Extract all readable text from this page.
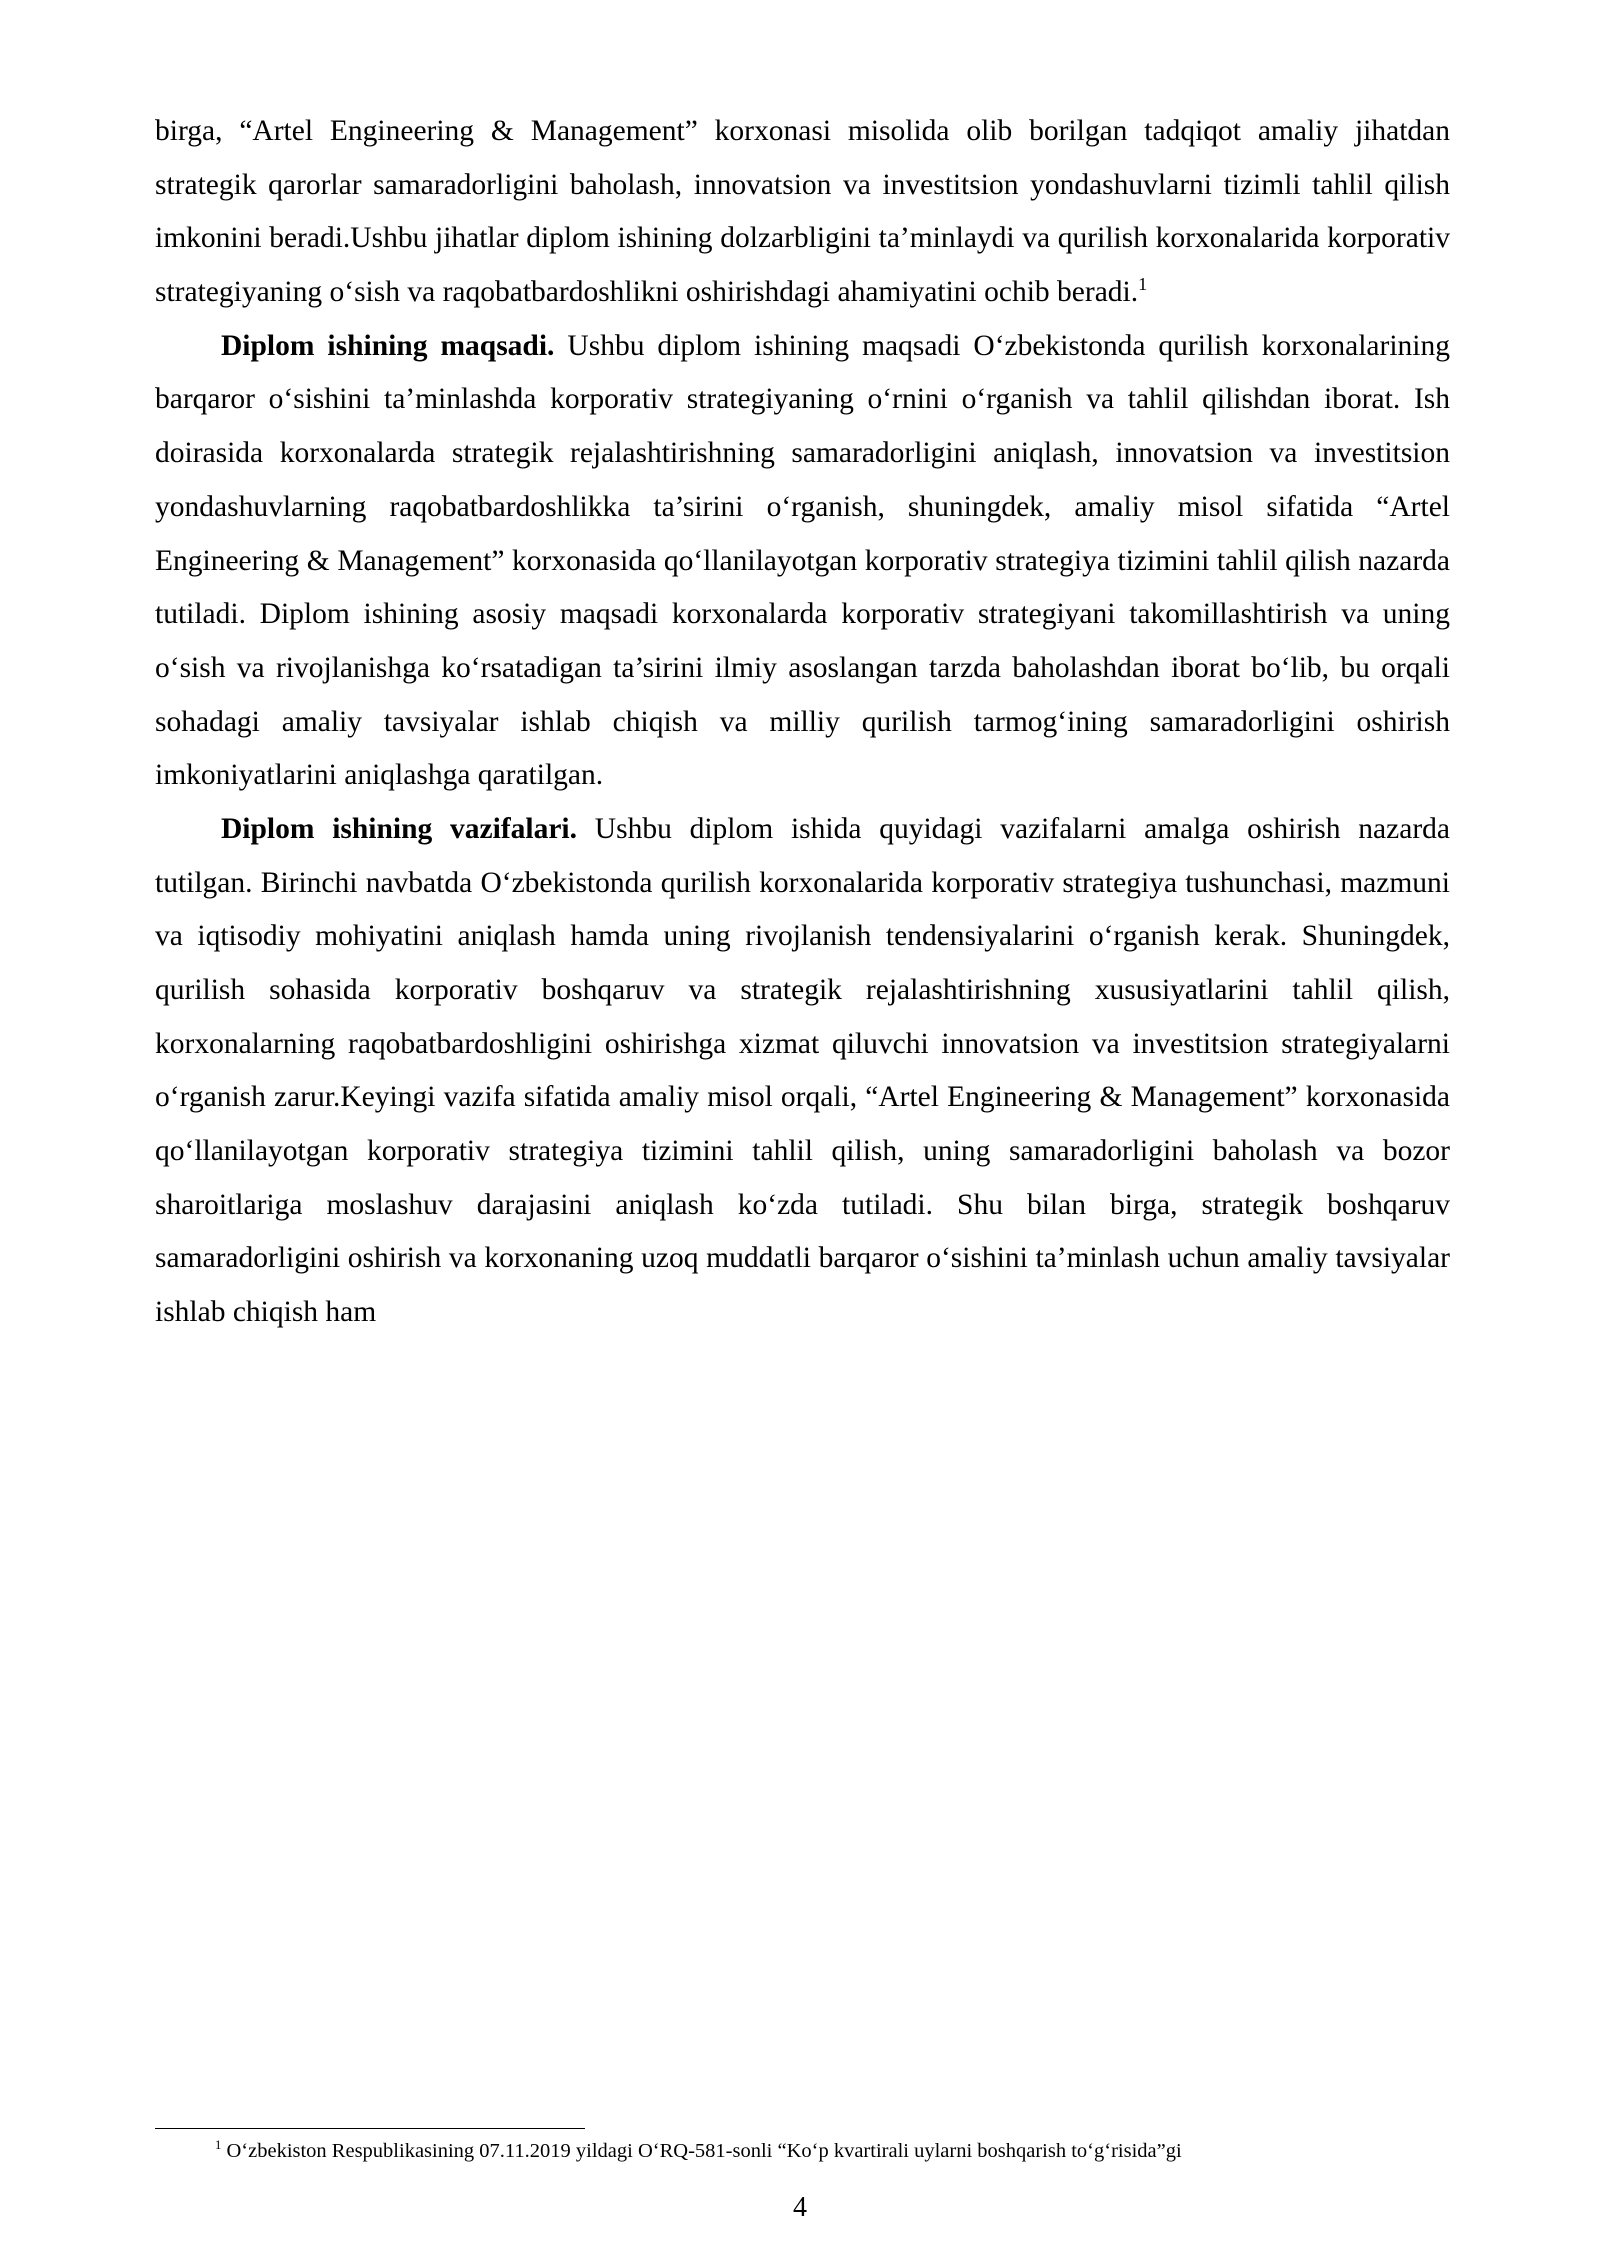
birga, “Artel Engineering & Management” korxonasi misolida olib borilgan tadqiqot amaliy jihatdan strategik qarorlar samaradorligini baholash, innovatsion va investitsion yondashuvlarni tizimli tahlil qilish imkonini beradi.Ushbu jihatlar diplom ishining dolzarbligini ta’minlaydi va qurilish korxonalarida korporativ strategiyaning o‘sish va raqobatbardoshlikni oshirishdagi ahamiyatini ochib beradi.$^1$

Diplom ishining maqsadi. Ushbu diplom ishining maqsadi O‘zbekistonda qurilish korxonalarining barqaror o‘sishini ta’minlashda korporativ strategiyaning o‘rnini o‘rganish va tahlil qilishdan iborat. Ish doirasida korxonalarda strategik rejalashtirishning samaradorligini aniqlash, innovatsion va investitsion yondashuvlarning raqobatbardoshlikka ta’sirini o‘rganish, shuningdek, amaliy misol sifatida “Artel Engineering & Management” korxonasida qo‘llanilayotgan korporativ strategiya tizimini tahlil qilish nazarda tutiladi. Diplom ishining asosiy maqsadi korxonalarda korporativ strategiyani takomillashtirish va uning o‘sish va rivojlanishga ko‘rsatadigan ta’sirini ilmiy asoslangan tarzda baholashdan iborat bo‘lib, bu orqali sohadagi amaliy tavsiyalar ishlab chiqish va milliy qurilish tarmog‘ining samaradorligini oshirish imkoniyatlarini aniqlashga qaratilgan.

Diplom ishining vazifalari. Ushbu diplom ishida quyidagi vazifalarni amalga oshirish nazarda tutilgan. Birinchi navbatda O‘zbekistonda qurilish korxonalarida korporativ strategiya tushunchasi, mazmuni va iqtisodiy mohiyatini aniqlash hamda uning rivojlanish tendensiyalarini o‘rganish kerak. Shuningdek, qurilish sohasida korporativ boshqaruv va strategik rejalashtirishning xususiyatlarini tahlil qilish, korxonalarning raqobatbardoshligini oshirishga xizmat qiluvchi innovatsion va investitsion strategiyalarni o‘rganish zarur.Keyingi vazifa sifatida amaliy misol orqali, “Artel Engineering & Management” korxonasida qo‘llanilayotgan korporativ strategiya tizimini tahlil qilish, uning samaradorligini baholash va bozor sharoitlariga moslashuv darajasini aniqlash ko‘zda tutiladi. Shu bilan birga, strategik boshqaruv samaradorligini oshirish va korxonaning uzoq muddatli barqaror o‘sishini ta’minlash uchun amaliy tavsiyalar ishlab chiqish ham

$^1$ O‘zbekiston Respublikasining 07.11.2019 yildagi O‘RQ-581-sonli “Ko‘p kvartirali uylarni boshqarish to‘g‘risida”gi
4
